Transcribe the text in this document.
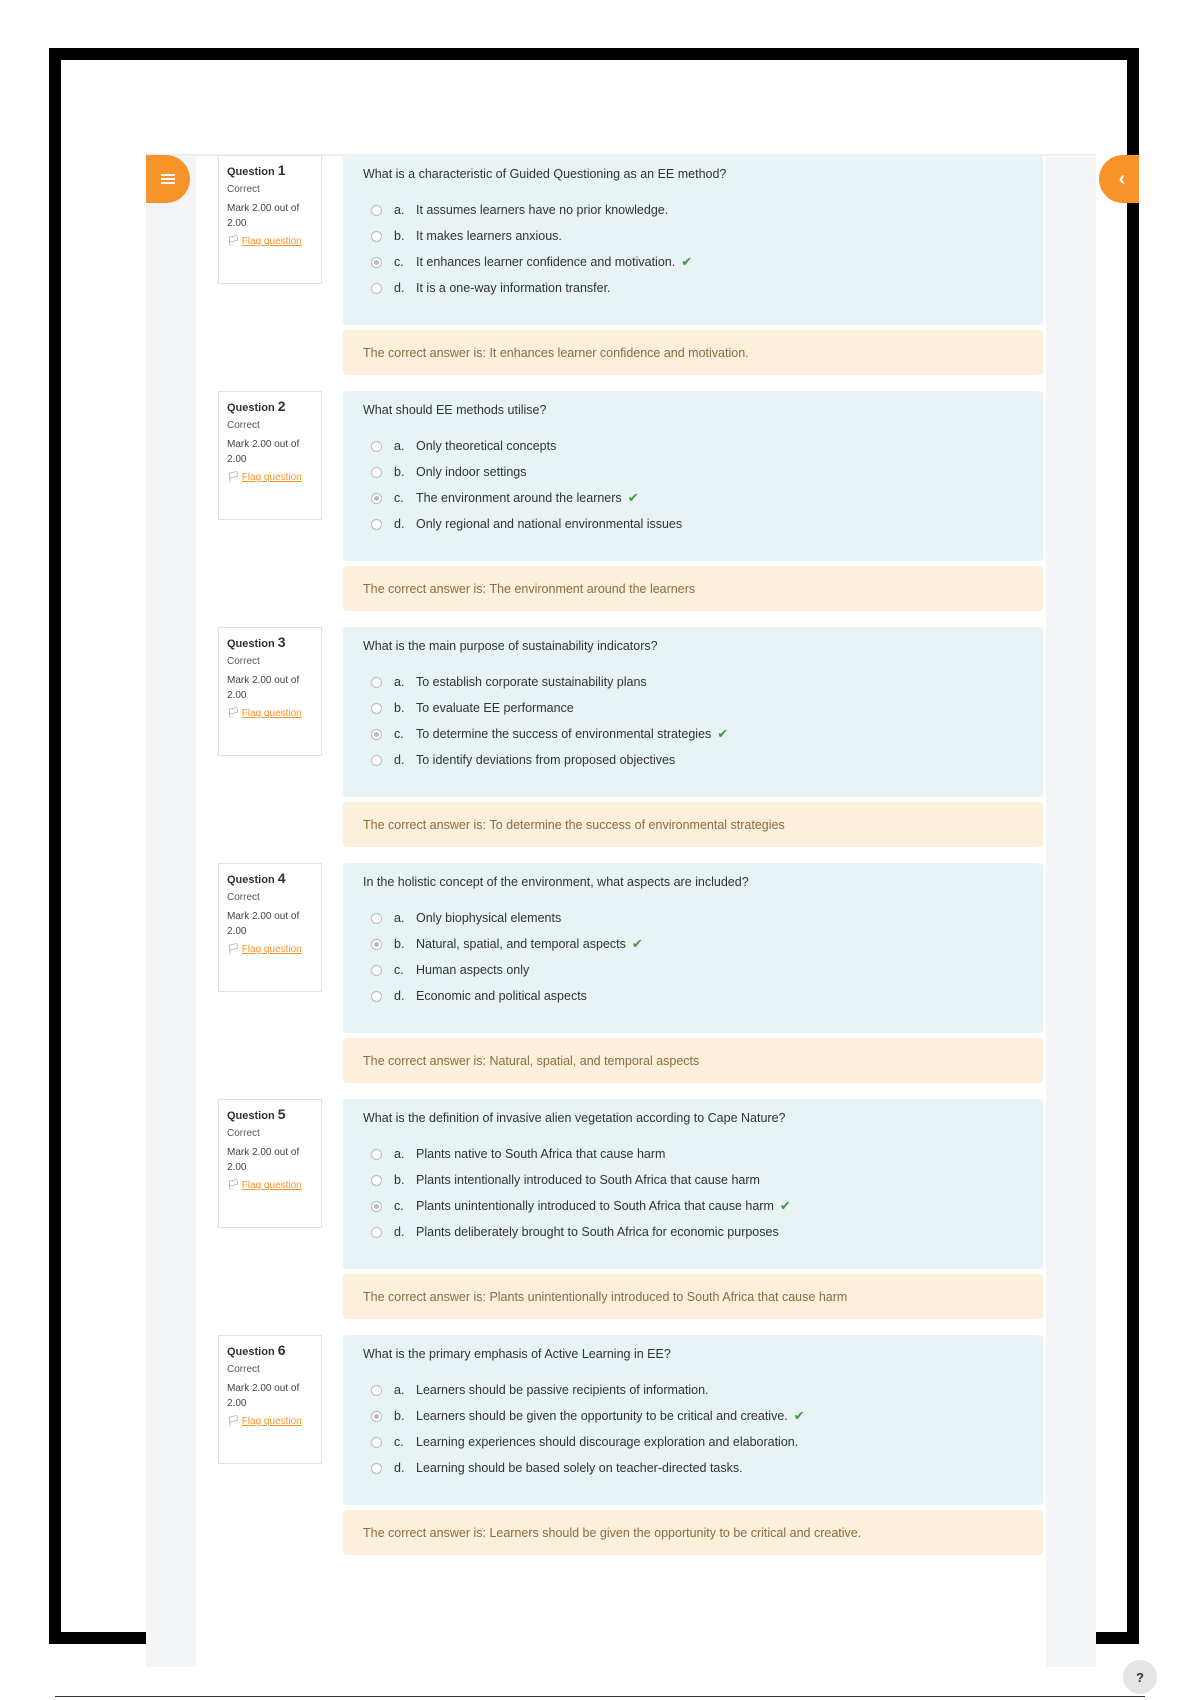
‹
Question 1
Correct
Mark 2.00 out of 2.00
🏳︎ Flag question
What is a characteristic of Guided Questioning as an EE method?
a. It assumes learners have no prior knowledge.
b. It makes learners anxious.
c. It enhances learner confidence and motivation. ✔
d. It is a one-way information transfer.
The correct answer is: It enhances learner confidence and motivation.
Question 2
Correct
Mark 2.00 out of 2.00
🏳︎ Flag question
What should EE methods utilise?
a. Only theoretical concepts
b. Only indoor settings
c. The environment around the learners ✔
d. Only regional and national environmental issues
The correct answer is: The environment around the learners
Question 3
Correct
Mark 2.00 out of 2.00
🏳︎ Flag question
What is the main purpose of sustainability indicators?
a. To establish corporate sustainability plans
b. To evaluate EE performance
c. To determine the success of environmental strategies ✔
d. To identify deviations from proposed objectives
The correct answer is: To determine the success of environmental strategies
Question 4
Correct
Mark 2.00 out of 2.00
🏳︎ Flag question
In the holistic concept of the environment, what aspects are included?
a. Only biophysical elements
b. Natural, spatial, and temporal aspects ✔
c. Human aspects only
d. Economic and political aspects
The correct answer is: Natural, spatial, and temporal aspects
Question 5
Correct
Mark 2.00 out of 2.00
🏳︎ Flag question
What is the definition of invasive alien vegetation according to Cape Nature?
a. Plants native to South Africa that cause harm
b. Plants intentionally introduced to South Africa that cause harm
c. Plants unintentionally introduced to South Africa that cause harm ✔
d. Plants deliberately brought to South Africa for economic purposes
The correct answer is: Plants unintentionally introduced to South Africa that cause harm
Question 6
Correct
Mark 2.00 out of 2.00
🏳︎ Flag question
What is the primary emphasis of Active Learning in EE?
a. Learners should be passive recipients of information.
b. Learners should be given the opportunity to be critical and creative. ✔
c. Learning experiences should discourage exploration and elaboration.
d. Learning should be based solely on teacher-directed tasks.
The correct answer is: Learners should be given the opportunity to be critical and creative.
?
